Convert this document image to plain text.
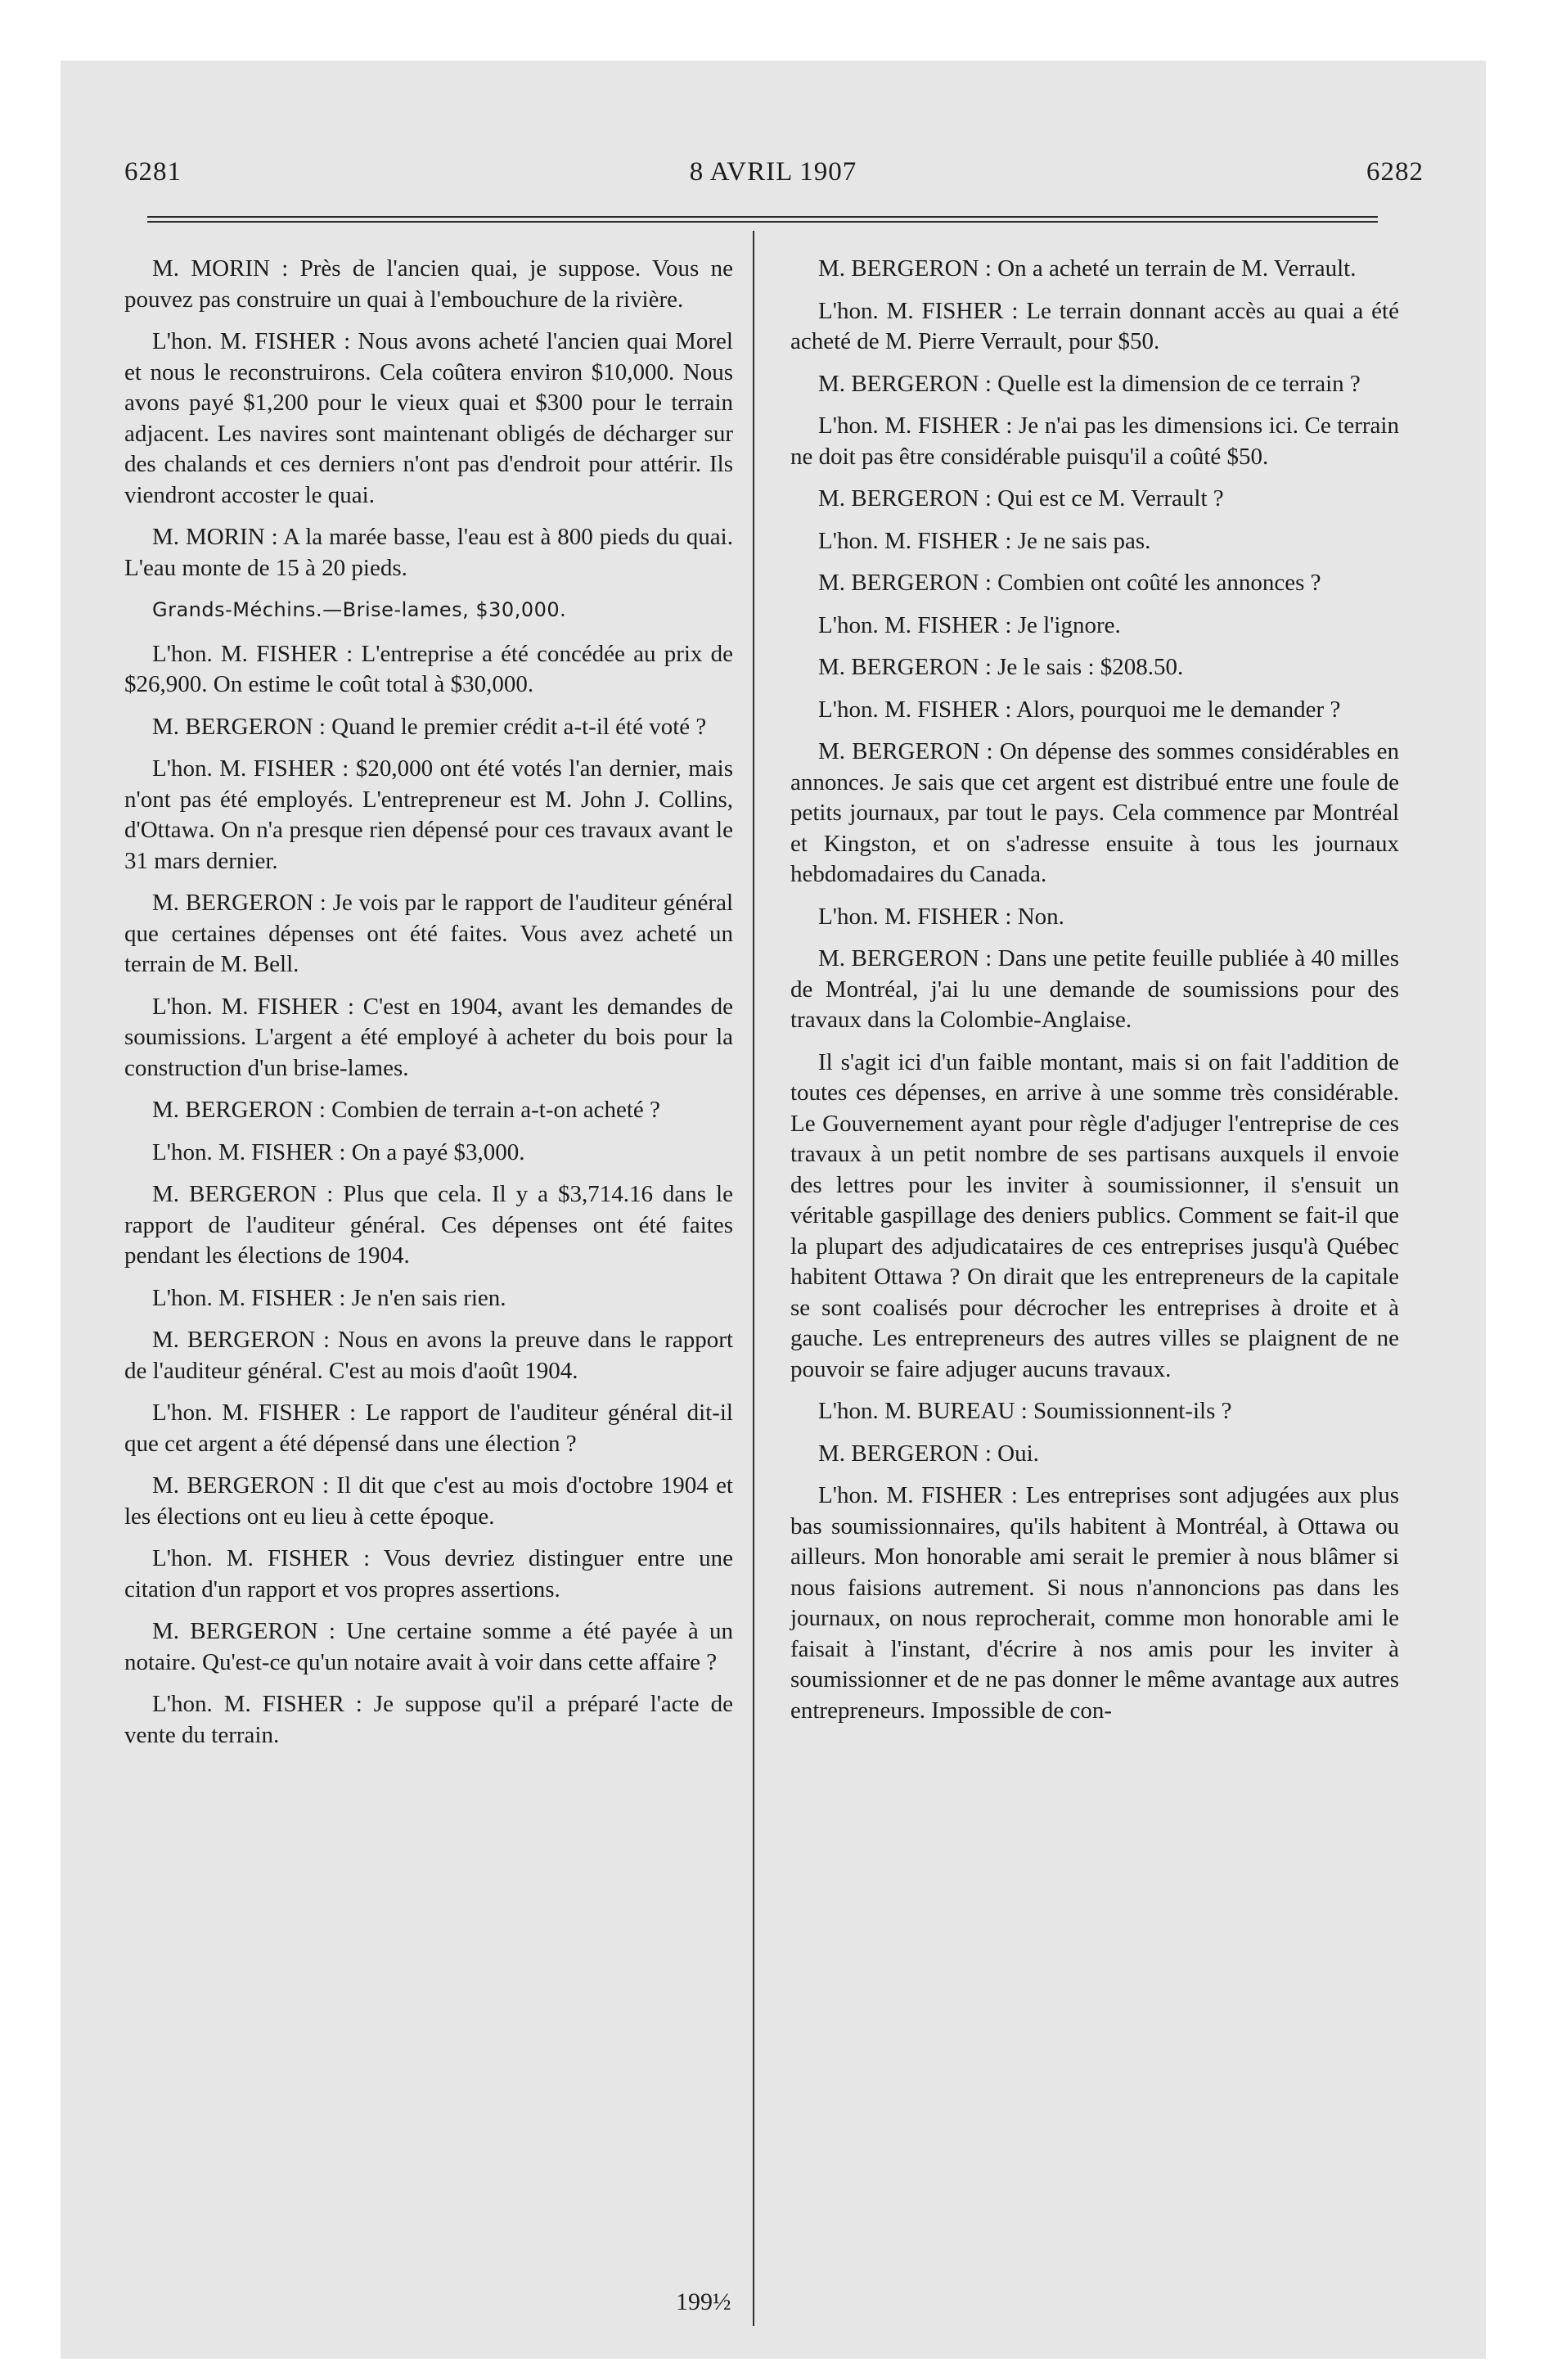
6281	8 AVRIL 1907	6282

M. MORIN : Près de l'ancien quai, je suppose. Vous ne pouvez pas construire un quai à l'embouchure de la rivière.

L'hon. M. FISHER : Nous avons acheté l'ancien quai Morel et nous le reconstruirons. Cela coûtera environ $10,000. Nous avons payé $1,200 pour le vieux quai et $300 pour le terrain adjacent. Les navires sont maintenant obligés de décharger sur des chalands et ces derniers n'ont pas d'endroit pour attérir. Ils viendront accoster le quai.

M. MORIN : A la marée basse, l'eau est à 800 pieds du quai. L'eau monte de 15 à 20 pieds.

Grands-Méchins.—Brise-lames, $30,000.

L'hon. M. FISHER : L'entreprise a été concédée au prix de $26,900. On estime le coût total à $30,000.

M. BERGERON : Quand le premier crédit a-t-il été voté ?

L'hon. M. FISHER : $20,000 ont été votés l'an dernier, mais n'ont pas été employés. L'entrepreneur est M. John J. Collins, d'Ottawa. On n'a presque rien dépensé pour ces travaux avant le 31 mars dernier.

M. BERGERON : Je vois par le rapport de l'auditeur général que certaines dépenses ont été faites. Vous avez acheté un terrain de M. Bell.

L'hon. M. FISHER : C'est en 1904, avant les demandes de soumissions. L'argent a été employé à acheter du bois pour la construction d'un brise-lames.

M. BERGERON : Combien de terrain a-t-on acheté ?

L'hon. M. FISHER : On a payé $3,000.

M. BERGERON : Plus que cela. Il y a $3,714.16 dans le rapport de l'auditeur général. Ces dépenses ont été faites pendant les élections de 1904.

L'hon. M. FISHER : Je n'en sais rien.

M. BERGERON : Nous en avons la preuve dans le rapport de l'auditeur général. C'est au mois d'août 1904.

L'hon. M. FISHER : Le rapport de l'auditeur général dit-il que cet argent a été dépensé dans une élection ?

M. BERGERON : Il dit que c'est au mois d'octobre 1904 et les élections ont eu lieu à cette époque.

L'hon. M. FISHER : Vous devriez distinguer entre une citation d'un rapport et vos propres assertions.

M. BERGERON : Une certaine somme a été payée à un notaire. Qu'est-ce qu'un notaire avait à voir dans cette affaire ?

L'hon. M. FISHER : Je suppose qu'il a préparé l'acte de vente du terrain.

M. BERGERON : On a acheté un terrain de M. Verrault.

L'hon. M. FISHER : Le terrain donnant accès au quai a été acheté de M. Pierre Verrault, pour $50.

M. BERGERON : Quelle est la dimension de ce terrain ?

L'hon. M. FISHER : Je n'ai pas les dimensions ici. Ce terrain ne doit pas être considérable puisqu'il a coûté $50.

M. BERGERON : Qui est ce M. Verrault ?

L'hon. M. FISHER : Je ne sais pas.

M. BERGERON : Combien ont coûté les annonces ?

L'hon. M. FISHER : Je l'ignore.

M. BERGERON : Je le sais : $208.50.

L'hon. M. FISHER : Alors, pourquoi me le demander ?

M. BERGERON : On dépense des sommes considérables en annonces. Je sais que cet argent est distribué entre une foule de petits journaux, par tout le pays. Cela commence par Montréal et Kingston, et on s'adresse ensuite à tous les journaux hebdomadaires du Canada.

L'hon. M. FISHER : Non.

M. BERGERON : Dans une petite feuille publiée à 40 milles de Montréal, j'ai lu une demande de soumissions pour des travaux dans la Colombie-Anglaise.

Il s'agit ici d'un faible montant, mais si on fait l'addition de toutes ces dépenses, en arrive à une somme très considérable. Le Gouvernement ayant pour règle d'adjuger l'entreprise de ces travaux à un petit nombre de ses partisans auxquels il envoie des lettres pour les inviter à soumissionner, il s'ensuit un véritable gaspillage des deniers publics. Comment se fait-il que la plupart des adjudicataires de ces entreprises jusqu'à Québec habitent Ottawa ? On dirait que les entrepreneurs de la capitale se sont coalisés pour décrocher les entreprises à droite et à gauche. Les entrepreneurs des autres villes se plaignent de ne pouvoir se faire adjuger aucuns travaux.

L'hon. M. BUREAU : Soumissionnent-ils ?

M. BERGERON : Oui.

L'hon. M. FISHER : Les entreprises sont adjugées aux plus bas soumissionnaires, qu'ils habitent à Montréal, à Ottawa ou ailleurs. Mon honorable ami serait le premier à nous blâmer si nous faisions autrement. Si nous n'annoncions pas dans les journaux, on nous reprocherait, comme mon honorable ami le faisait à l'instant, d'écrire à nos amis pour les inviter à soumissionner et de ne pas donner le même avantage aux autres entrepreneurs. Impossible de con-

199½
